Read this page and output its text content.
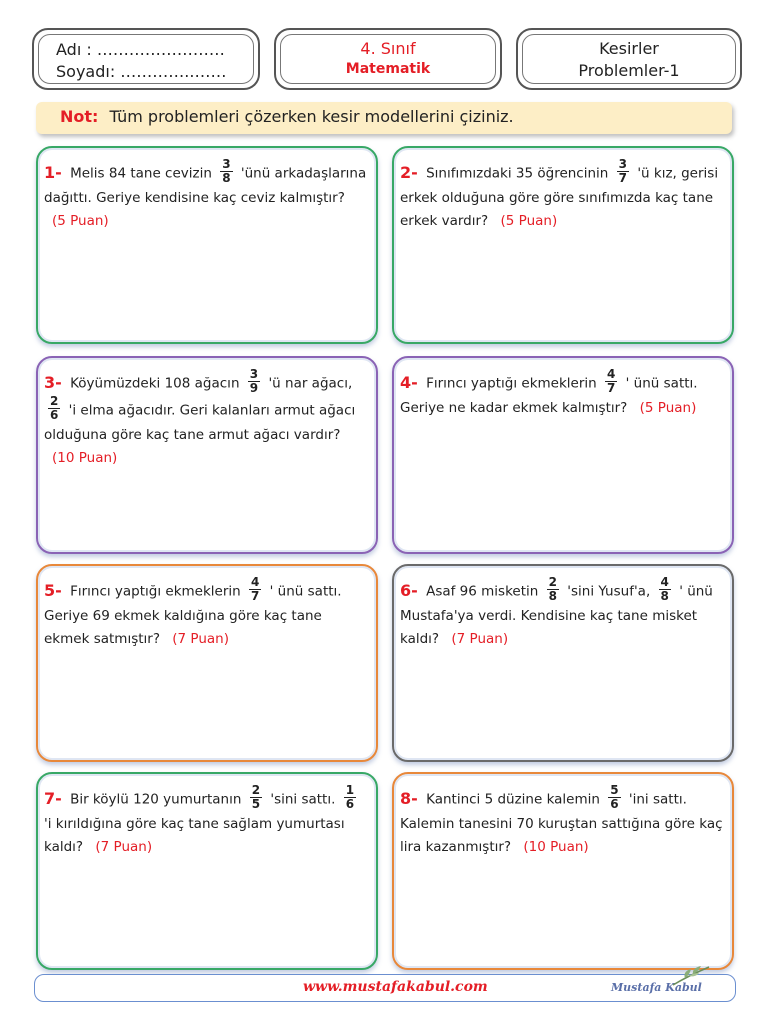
Adı : ……………………
Soyadı: …………..……
4. Sınıf
Matematik
Kesirler
Problemler-1
Not: Tüm problemleri çözerken kesir modellerini çiziniz.
1- Melis 84 tane cevizin $\frac{3}{8}$ 'ünü arkadaşlarına dağıttı. Geriye kendisine kaç ceviz kalmıştır? (5 Puan)
2- Sınıfımızdaki 35 öğrencinin $\frac{3}{7}$ 'ü kız, gerisi erkek olduğuna göre göre sınıfımızda kaç tane erkek vardır? (5 Puan)
3- Köyümüzdeki 108 ağacın $\frac{3}{9}$ 'ü nar ağacı,
$\frac{2}{6}$ 'i elma ağacıdır. Geri kalanları armut ağacı olduğuna göre kaç tane armut ağacı vardır? (10 Puan)
4- Fırıncı yaptığı ekmeklerin $\frac{4}{7}$ ' ünü sattı. Geriye ne kadar ekmek kalmıştır? (5 Puan)
5- Fırıncı yaptığı ekmeklerin $\frac{4}{7}$ ' ünü sattı. Geriye 69 ekmek kaldığına göre kaç tane ekmek satmıştır? (7 Puan)
6- Asaf 96 misketin $\frac{2}{8}$ 'sini Yusuf'a, $\frac{4}{8}$ ' ünü Mustafa'ya verdi. Kendisine kaç tane misket kaldı? (7 Puan)
7- Bir köylü 120 yumurtanın $\frac{2}{5}$ 'sini sattı. $\frac{1}{6}$
'i kırıldığına göre kaç tane sağlam yumurtası kaldı? (7 Puan)
8- Kantinci 5 düzine kalemin $\frac{5}{6}$ 'ini sattı. Kalemin tanesini 70 kuruştan sattığına göre kaç lira kazanmıştır? (10 Puan)
www.mustafakabul.com	Mustafa Kabul
